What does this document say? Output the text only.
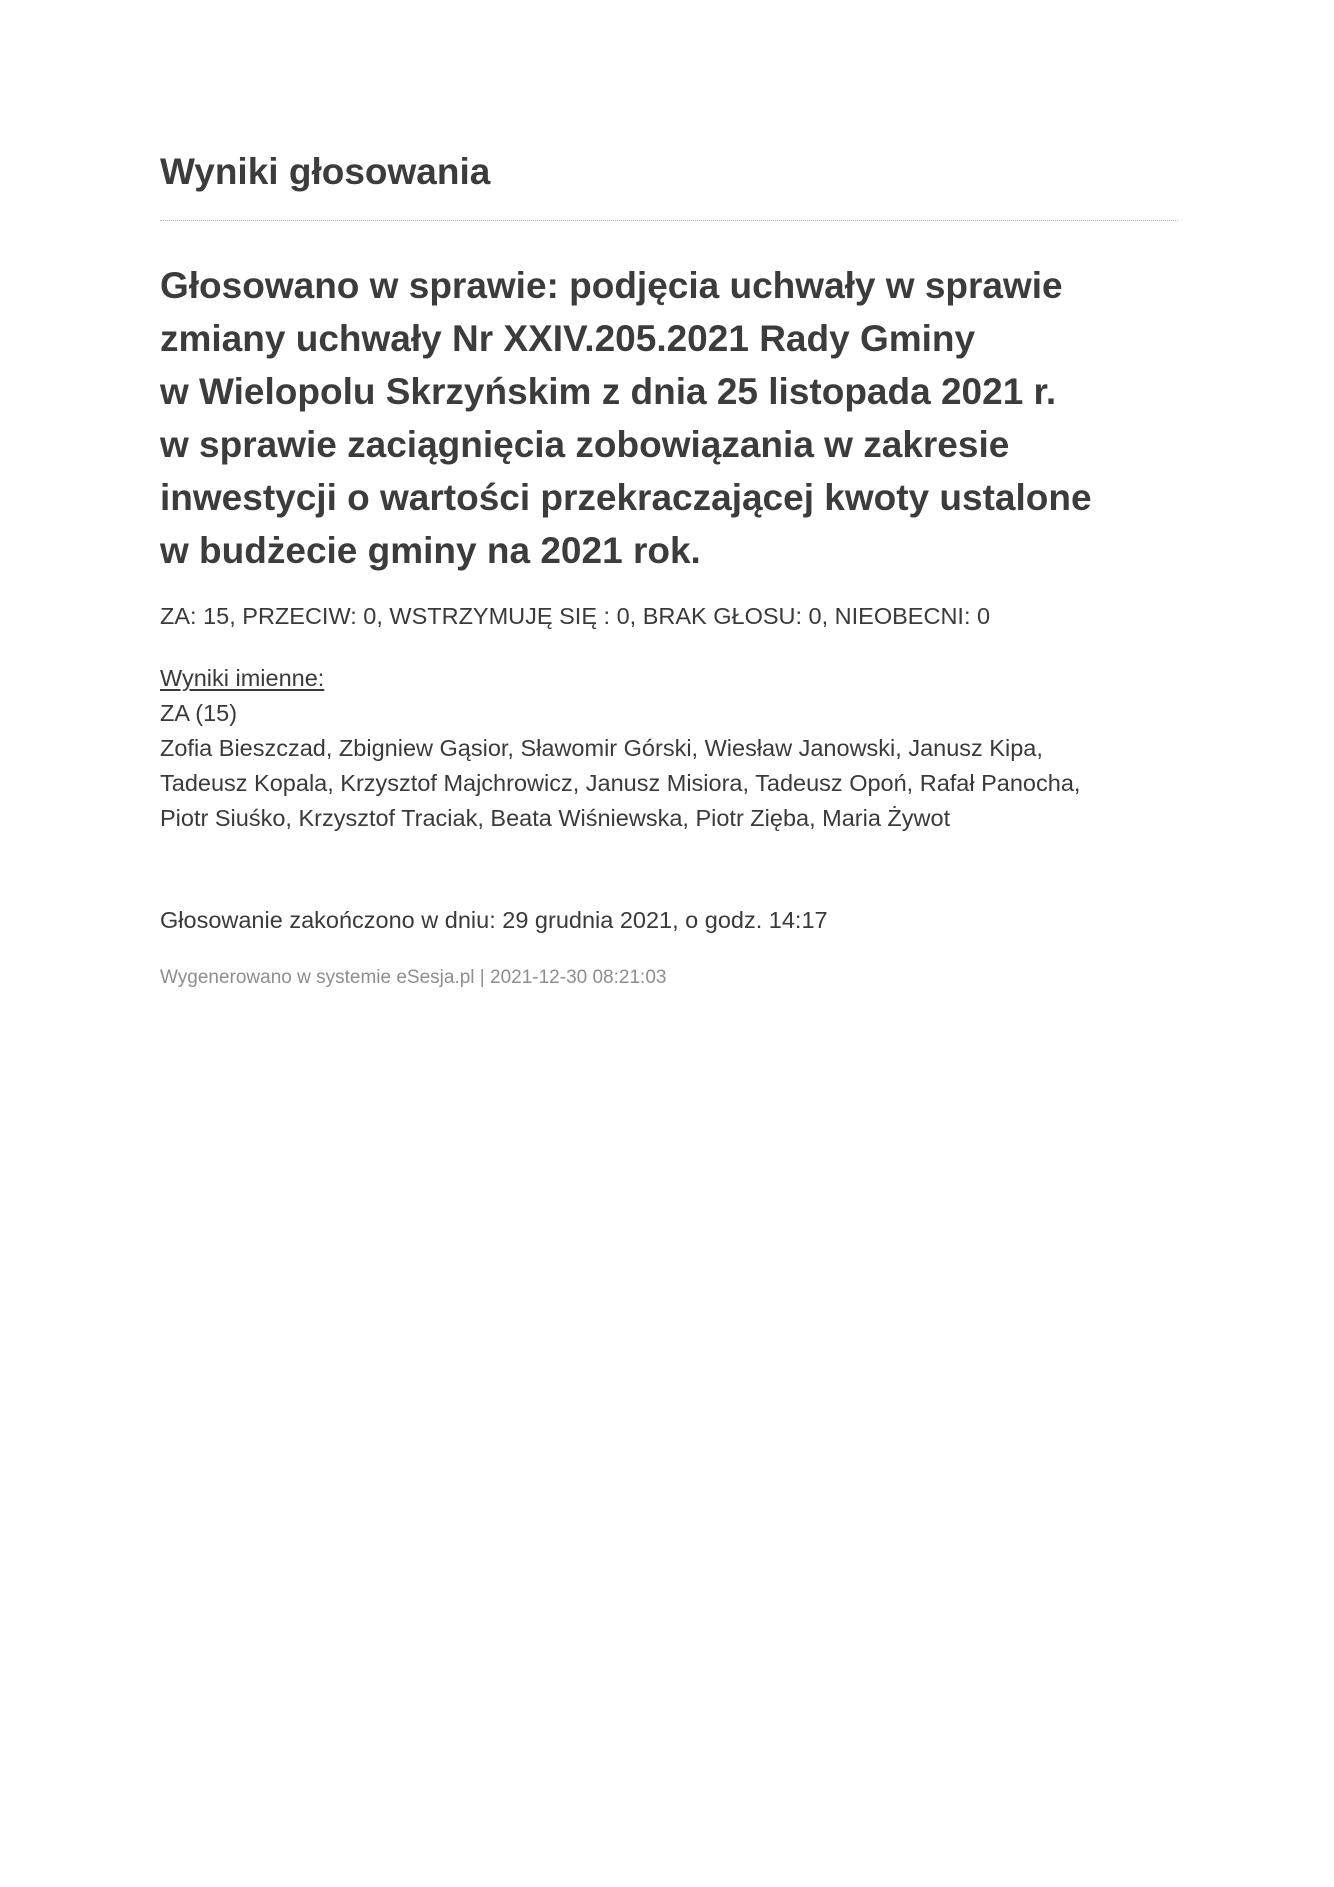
Wyniki głosowania
Głosowano w sprawie: podjęcia uchwały w sprawie
zmiany uchwały Nr XXIV.205.2021 Rady Gminy
w Wielopolu Skrzyńskim z dnia 25 listopada 2021 r.
w sprawie zaciągnięcia zobowiązania w zakresie
inwestycji o wartości przekraczającej kwoty ustalone
w budżecie gminy na 2021 rok.
ZA: 15, PRZECIW: 0, WSTRZYMUJĘ SIĘ : 0, BRAK GŁOSU: 0, NIEOBECNI: 0
Wyniki imienne:
ZA (15)
Zofia Bieszczad, Zbigniew Gąsior, Sławomir Górski, Wiesław Janowski, Janusz Kipa,
Tadeusz Kopala, Krzysztof Majchrowicz, Janusz Misiora, Tadeusz Opoń, Rafał Panocha,
Piotr Siuśko, Krzysztof Traciak, Beata Wiśniewska, Piotr Zięba, Maria Żywot
Głosowanie zakończono w dniu: 29 grudnia 2021, o godz. 14:17
Wygenerowano w systemie eSesja.pl | 2021-12-30 08:21:03
